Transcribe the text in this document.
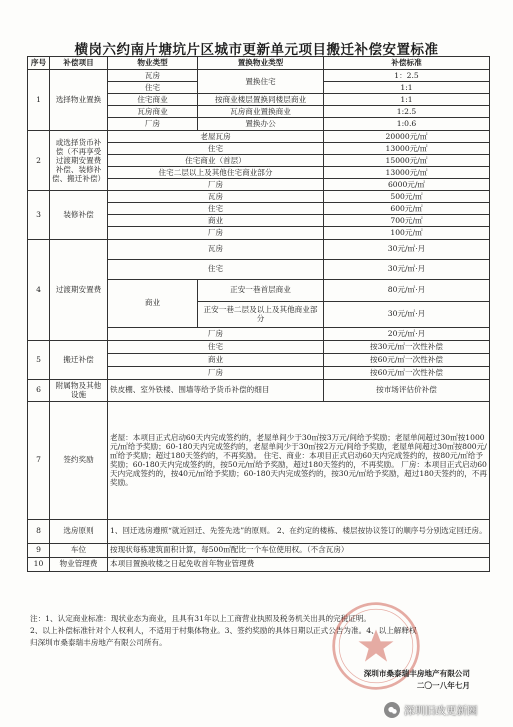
横岗六约南片塘坑片区城市更新单元项目搬迁补偿安置标准
序号	补偿项目	物业类型	置换物业类型	补偿标准
1	选择物业置换	瓦房	置换住宅	1：2.5
		住宅		1:1
		住宅商业	按商业楼层置换同楼层商业	1:1
		瓦房商业	瓦房商业置换商业	1:2.5
		厂房	置换办公	1:0.6
2	或选择货币补偿（不再享受过渡期安置费补偿、装修补偿、搬迁补偿）	老屋瓦房		20000元/㎡
		住宅		13000元/㎡
		住宅商业（首层）		15000元/㎡
		住宅二层以上及其他住宅商业部分		13000元/㎡
		厂房		6000元/㎡
3	装修补偿	瓦房		500元/㎡
		住宅		600元/㎡
		商业		700元/㎡
		厂房		100元/㎡
4	过渡期安置费	瓦房		30元/㎡·月
		住宅		30元/㎡·月
		商业	正安一巷首层商业	80元/㎡·月
			正安一巷二层及以上及其他商业部分	30元/㎡·月
		厂房		20元/㎡·月
5	搬迁补偿	住宅		按30元/㎡一次性补偿
		商业		按60元/㎡一次性补偿
		厂房		按60元/㎡一次性补偿
6	附属物及其他设施	铁皮棚、室外铁楼、围墙等给予货币补偿的细目		按市场评估价补偿
7	签约奖励	老屋：本项目正式启动60天内完成签约的，老屋单间少于30㎡按3万元/间给予奖励；老屋单间超过30㎡按1000元/㎡给予奖励；60-180天内完成签约的，老屋单间少于30㎡按2万元/间给予奖励，老屋单间超过30㎡按800元/㎡给予奖励；超过180天签约的，不再奖励。 住宅、商业：本项目正式启动60天内完成签约的，按80元/㎡给予奖励；60-180天内完成签约的，按50元/㎡给予奖励，超过180天签约的，不再奖励。 厂房：本项目正式启动60天内完成签约的，按40元/㎡给予奖励；60-180天内完成签约的，按30元/㎡给予奖励，超过180天签约的，不再奖励。		
8	选房原则	1、回迁选房遵照“就近回迁、先签先选”的原则。 2、在约定的楼栋、楼层按协议签订的顺序号分别选定回迁房。		
9	车位	按现状每栋建筑面积计算，每500㎡配比一个车位使用权。（不含瓦房）		
10	物业管理费	本项目置换收楼之日起免收首年物业管理费		
注：1、认定商业标准：现状业态为商业，且具有31年以上工商营业执照及税务机关出具的完税证明。
2、以上补偿标准针对个人权利人，不适用于村集体物业。3、签约奖励的具体日期以正式公告为准。4、以上解释权
归深圳市桑泰瑞丰房地产有限公司所有。
深圳市桑泰瑞丰房地产有限公司
二〇一八年七月
深圳旧改更新圈
